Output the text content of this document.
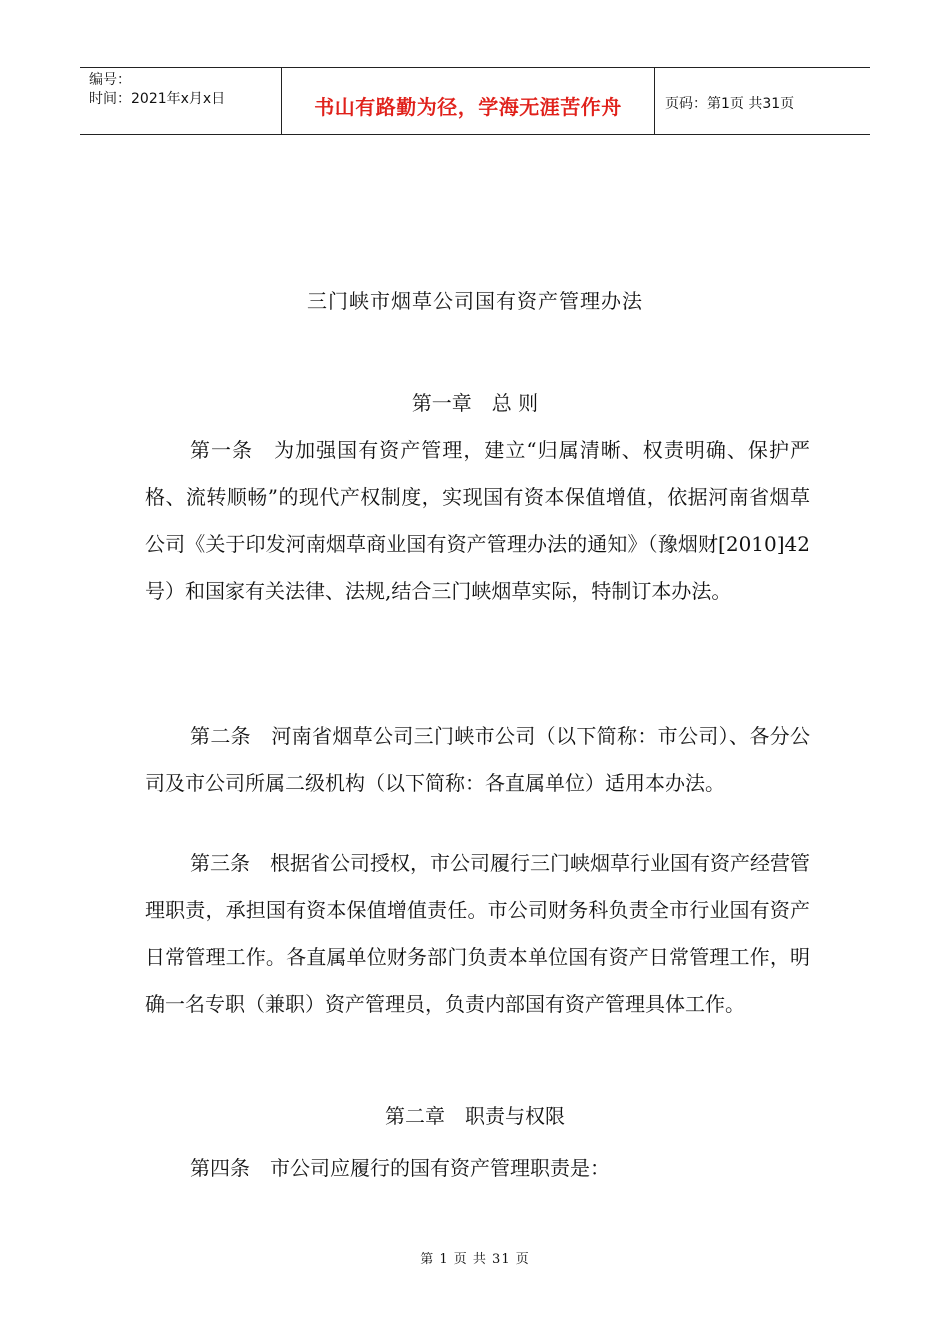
编号：
时间：2021年x月x日	书山有路勤为径，学海无涯苦作舟	页码：第1页 共31页
三门峡市烟草公司国有资产管理办法
第一章　总 则

第一条　为加强国有资产管理，建立“归属清晰、权责明确、保护严格、流转顺畅”的现代产权制度，实现国有资本保值增值，依据河南省烟草公司《关于印发河南烟草商业国有资产管理办法的通知》（豫烟财[2010]42号）和国家有关法律、法规,结合三门峡烟草实际，特制订本办法。

第二条　河南省烟草公司三门峡市公司（以下简称：市公司）、各分公司及市公司所属二级机构（以下简称：各直属单位）适用本办法。

第三条　根据省公司授权，市公司履行三门峡烟草行业国有资产经营管理职责，承担国有资本保值增值责任。市公司财务科负责全市行业国有资产日常管理工作。各直属单位财务部门负责本单位国有资产日常管理工作，明确一名专职（兼职）资产管理员，负责内部国有资产管理具体工作。

第二章　职责与权限

第四条　市公司应履行的国有资产管理职责是：

第 1 页 共 31 页
